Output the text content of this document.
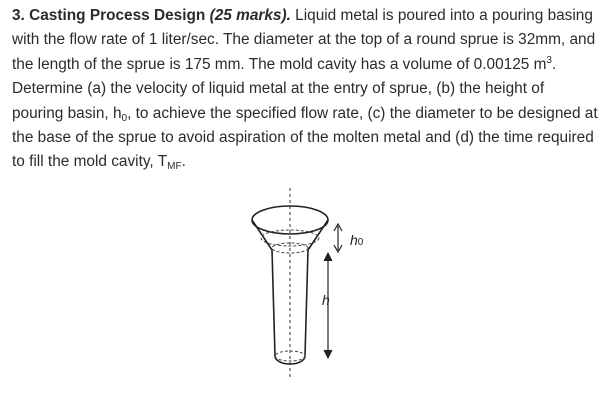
3. Casting Process Design (25 marks). Liquid metal is poured into a pouring basing with the flow rate of 1 liter/sec. The diameter at the top of a round sprue is 32mm, and the length of the sprue is 175 mm. The mold cavity has a volume of 0.00125 $m^3$. Determine (a) the velocity of liquid metal at the entry of sprue, (b) the height of pouring basin, $h_0$, to achieve the specified flow rate, (c) the diameter to be designed at the base of the sprue to avoid aspiration of the molten metal and (d) the time required to fill the mold cavity, $T_{MF}$.
h0
h
